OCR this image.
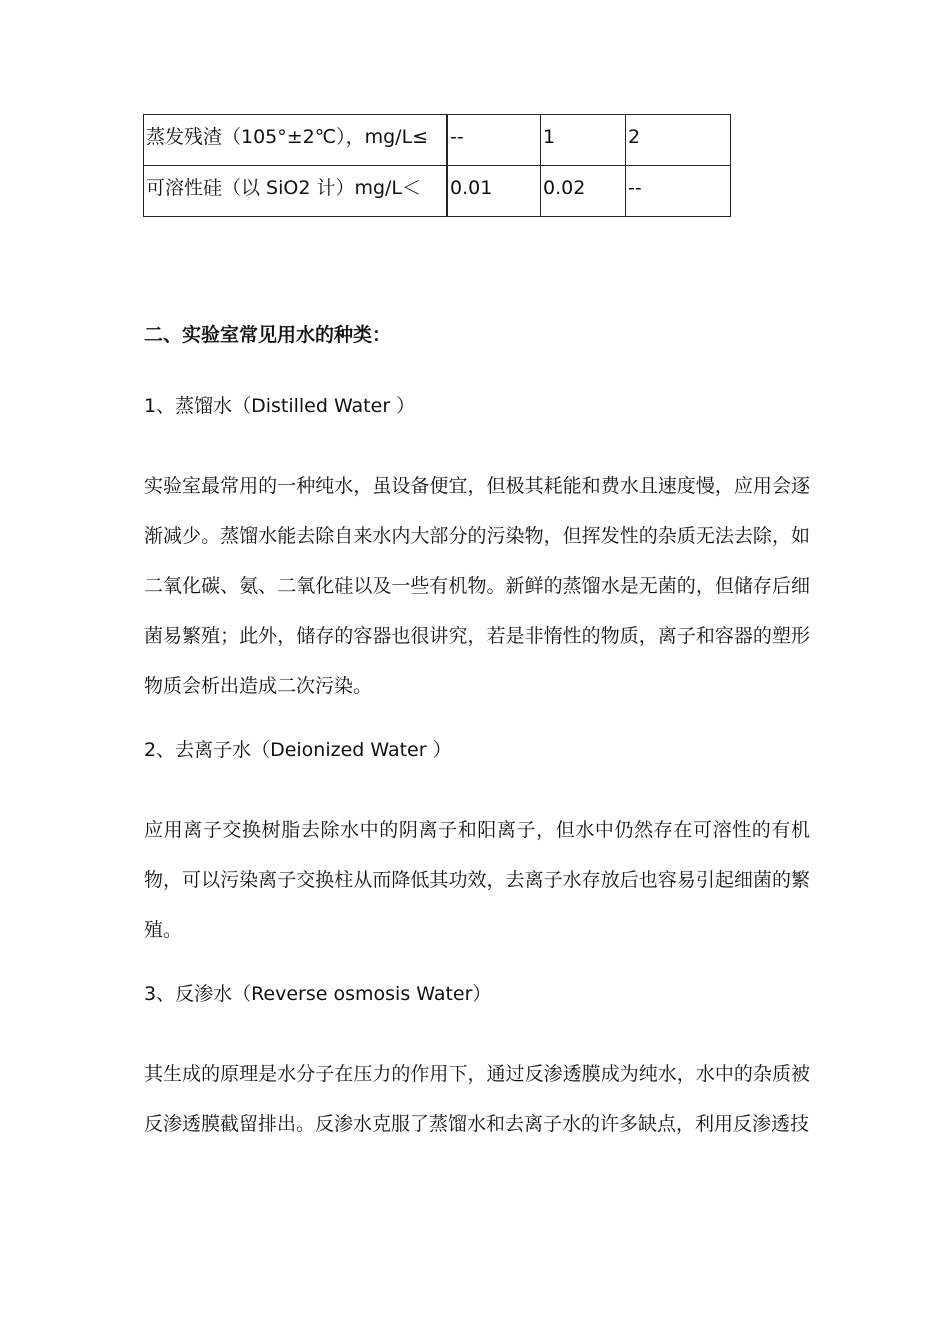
蒸发残渣（105°±2℃），mg/L≤	--	1	2
可溶性硅（以 SiO2 计）mg/L＜	0.01	0.02	--
二、实验室常见用水的种类：
1、蒸馏水（Distilled Water ）
实验室最常用的一种纯水，虽设备便宜，但极其耗能和费水且速度慢，应用会逐渐减少。蒸馏水能去除自来水内大部分的污染物，但挥发性的杂质无法去除，如二氧化碳、氨、二氧化硅以及一些有机物。新鲜的蒸馏水是无菌的，但储存后细菌易繁殖；此外，储存的容器也很讲究，若是非惰性的物质，离子和容器的塑形物质会析出造成二次污染。
2、去离子水（Deionized Water ）
应用离子交换树脂去除水中的阴离子和阳离子，但水中仍然存在可溶性的有机物，可以污染离子交换柱从而降低其功效，去离子水存放后也容易引起细菌的繁殖。
3、反渗水（Reverse osmosis Water）
其生成的原理是水分子在压力的作用下，通过反渗透膜成为纯水，水中的杂质被反渗透膜截留排出。反渗水克服了蒸馏水和去离子水的许多缺点，利用反渗透技
